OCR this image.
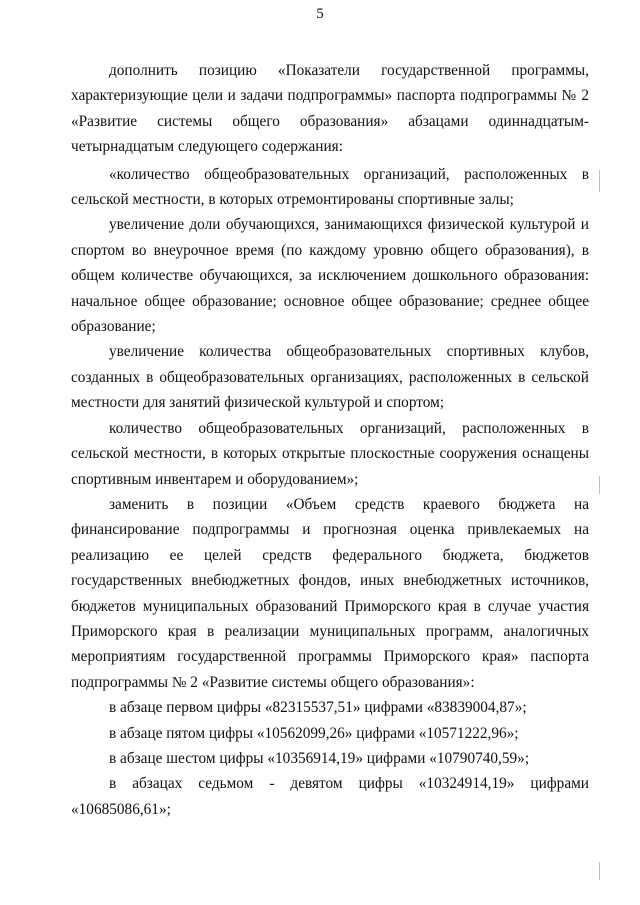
5

дополнить позицию «Показатели государственной программы, характеризующие цели и задачи подпрограммы» паспорта подпрограммы № 2 «Развитие системы общего образования» абзацами одиннадцатым-четырнадцатым следующего содержания:

«количество общеобразовательных организаций, расположенных в сельской местности, в которых отремонтированы спортивные залы;

увеличение доли обучающихся, занимающихся физической культурой и спортом во внеурочное время (по каждому уровню общего образования), в общем количестве обучающихся, за исключением дошкольного образования: начальное общее образование; основное общее образование; среднее общее образование;

увеличение количества общеобразовательных спортивных клубов, созданных в общеобразовательных организациях, расположенных в сельской местности для занятий физической культурой и спортом;

количество общеобразовательных организаций, расположенных в сельской местности, в которых открытые плоскостные сооружения оснащены спортивным инвентарем и оборудованием»;

заменить в позиции «Объем средств краевого бюджета на финансирование подпрограммы и прогнозная оценка привлекаемых на реализацию ее целей средств федерального бюджета, бюджетов государственных внебюджетных фондов, иных внебюджетных источников, бюджетов муниципальных образований Приморского края в случае участия Приморского края в реализации муниципальных программ, аналогичных мероприятиям государственной программы Приморского края» паспорта подпрограммы № 2 «Развитие системы общего образования»:

в абзаце первом цифры «82315537,51» цифрами «83839004,87»;

в абзаце пятом цифры «10562099,26» цифрами «10571222,96»;

в абзаце шестом цифры «10356914,19» цифрами «10790740,59»;

в абзацах седьмом - девятом цифры «10324914,19» цифрами «10685086,61»;
